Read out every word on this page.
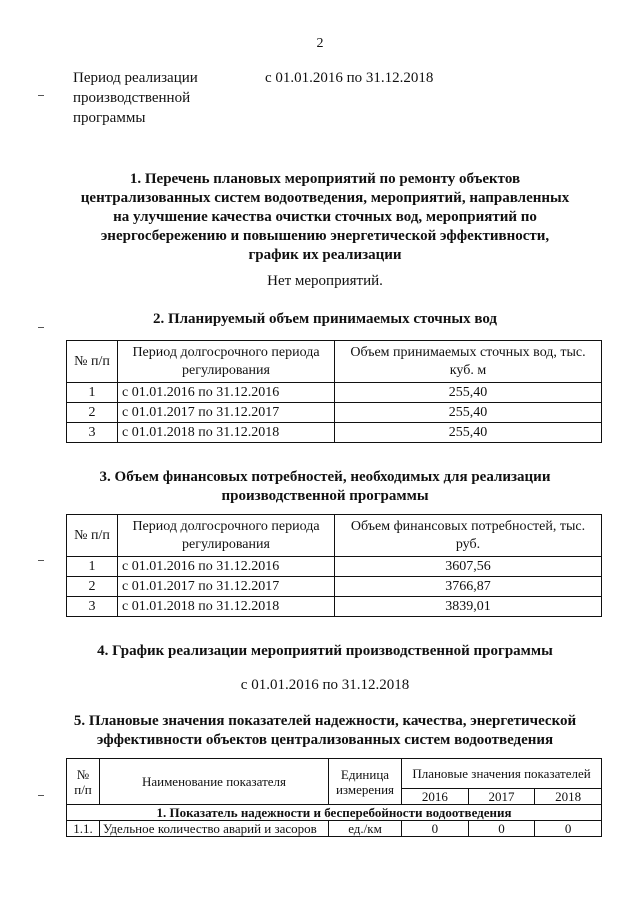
2
Период реализации производственной программы
с 01.01.2016 по 31.12.2018
1. Перечень плановых мероприятий по ремонту объектов централизованных систем водоотведения, мероприятий, направленных на улучшение качества очистки сточных вод, мероприятий по энергосбережению и повышению энергетической эффективности, график их реализации
Нет мероприятий.
2. Планируемый объем принимаемых сточных вод
№ п/п	Период долгосрочного периода регулирования	Объем принимаемых сточных вод, тыс. куб. м
1	с 01.01.2016 по 31.12.2016	255,40
2	с 01.01.2017 по 31.12.2017	255,40
3	с 01.01.2018 по 31.12.2018	255,40
3. Объем финансовых потребностей, необходимых для реализации производственной программы
№ п/п	Период долгосрочного периода регулирования	Объем финансовых потребностей, тыс. руб.
1	с 01.01.2016 по 31.12.2016	3607,56
2	с 01.01.2017 по 31.12.2017	3766,87
3	с 01.01.2018 по 31.12.2018	3839,01
4. График реализации мероприятий производственной программы
с 01.01.2016 по 31.12.2018
5. Плановые значения показателей надежности, качества, энергетической эффективности объектов централизованных систем водоотведения
№ п/п	Наименование показателя	Единица измерения	Плановые значения показателей		
			2016	2017	2018
1. Показатель надежности и бесперебойности водоотведения					
1.1.	Удельное количество аварий и засоров	ед./км	0	0	0
